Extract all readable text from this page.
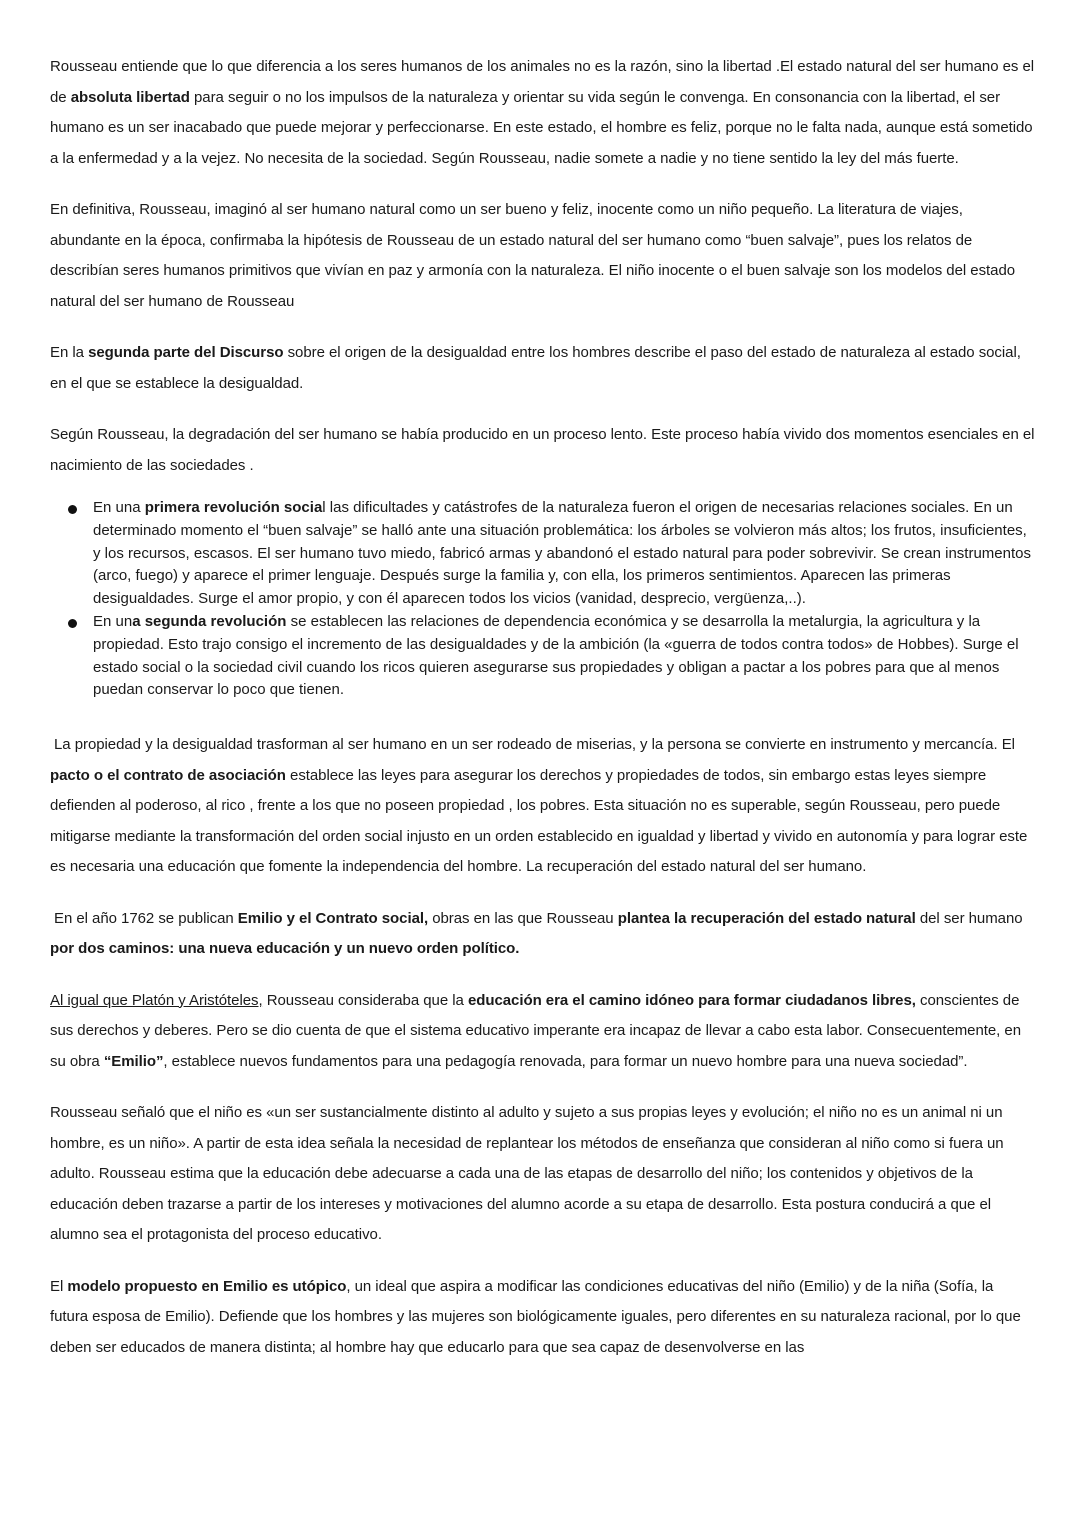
Rousseau entiende que lo que diferencia a los seres humanos de los animales no es la razón, sino la libertad .El estado natural del ser humano es el de absoluta libertad para seguir o no los impulsos de la naturaleza y orientar su vida según le convenga. En consonancia con la libertad, el ser humano es un ser inacabado que puede mejorar y perfeccionarse. En este estado, el hombre es feliz, porque no le falta nada, aunque está sometido a la enfermedad y a la vejez. No necesita de la sociedad. Según Rousseau, nadie somete a nadie y no tiene sentido la ley del más fuerte.

En definitiva, Rousseau, imaginó al ser humano natural como un ser bueno y feliz, inocente como un niño pequeño. La literatura de viajes, abundante en la época, confirmaba la hipótesis de Rousseau de un estado natural del ser humano como “buen salvaje”, pues los relatos de describían seres humanos primitivos que vivían en paz y armonía con la naturaleza. El niño inocente o el buen salvaje son los modelos del estado natural del ser humano de Rousseau

En la segunda parte del Discurso sobre el origen de la desigualdad entre los hombres describe el paso del estado de naturaleza al estado social, en el que se establece la desigualdad.

Según Rousseau, la degradación del ser humano se había producido en un proceso lento. Este proceso había vivido dos momentos esenciales en el nacimiento de las sociedades .

En una primera revolución social las dificultades y catástrofes de la naturaleza fueron el origen de necesarias relaciones sociales. En un determinado momento el “buen salvaje” se halló ante una situación problemática: los árboles se volvieron más altos; los frutos, insuficientes, y los recursos, escasos. El ser humano tuvo miedo, fabricó armas y abandonó el estado natural para poder sobrevivir. Se crean instrumentos (arco, fuego) y aparece el primer lenguaje. Después surge la familia y, con ella, los primeros sentimientos. Aparecen las primeras desigualdades. Surge el amor propio, y con él aparecen todos los vicios (vanidad, desprecio, vergüenza,..).
En una segunda revolución se establecen las relaciones de dependencia económica y se desarrolla la metalurgia, la agricultura y la propiedad. Esto trajo consigo el incremento de las desigualdades y de la ambición (la «guerra de todos contra todos» de Hobbes). Surge el estado social o la sociedad civil cuando los ricos quieren asegurarse sus propiedades y obligan a pactar a los pobres para que al menos puedan conservar lo poco que tienen.

La propiedad y la desigualdad trasforman al ser humano en un ser rodeado de miserias, y la persona se convierte en instrumento y mercancía. El pacto o el contrato de asociación establece las leyes para asegurar los derechos y propiedades de todos, sin embargo estas leyes siempre defienden al poderoso, al rico , frente a los que no poseen propiedad , los pobres. Esta situación no es superable, según Rousseau, pero puede mitigarse mediante la transformación del orden social injusto en un orden establecido en igualdad y libertad y vivido en autonomía y para lograr este es necesaria una educación que fomente la independencia del hombre. La recuperación del estado natural del ser humano.

En el año 1762 se publican Emilio y el Contrato social, obras en las que Rousseau plantea la recuperación del estado natural del ser humano por dos caminos: una nueva educación y un nuevo orden político.

Al igual que Platón y Aristóteles, Rousseau consideraba que la educación era el camino idóneo para formar ciudadanos libres, conscientes de sus derechos y deberes. Pero se dio cuenta de que el sistema educativo imperante era incapaz de llevar a cabo esta labor. Consecuentemente, en su obra “Emilio”, establece nuevos fundamentos para una pedagogía renovada, para formar un nuevo hombre para una nueva sociedad”.

Rousseau señaló que el niño es «un ser sustancialmente distinto al adulto y sujeto a sus propias leyes y evolución; el niño no es un animal ni un hombre, es un niño». A partir de esta idea señala la necesidad de replantear los métodos de enseñanza que consideran al niño como si fuera un adulto. Rousseau estima que la educación debe adecuarse a cada una de las etapas de desarrollo del niño; los contenidos y objetivos de la educación deben trazarse a partir de los intereses y motivaciones del alumno acorde a su etapa de desarrollo. Esta postura conducirá a que el alumno sea el protagonista del proceso educativo.

El modelo propuesto en Emilio es utópico, un ideal que aspira a modificar las condiciones educativas del niño (Emilio) y de la niña (Sofía, la futura esposa de Emilio). Defiende que los hombres y las mujeres son biológicamente iguales, pero diferentes en su naturaleza racional, por lo que deben ser educados de manera distinta; al hombre hay que educarlo para que sea capaz de desenvolverse en las
